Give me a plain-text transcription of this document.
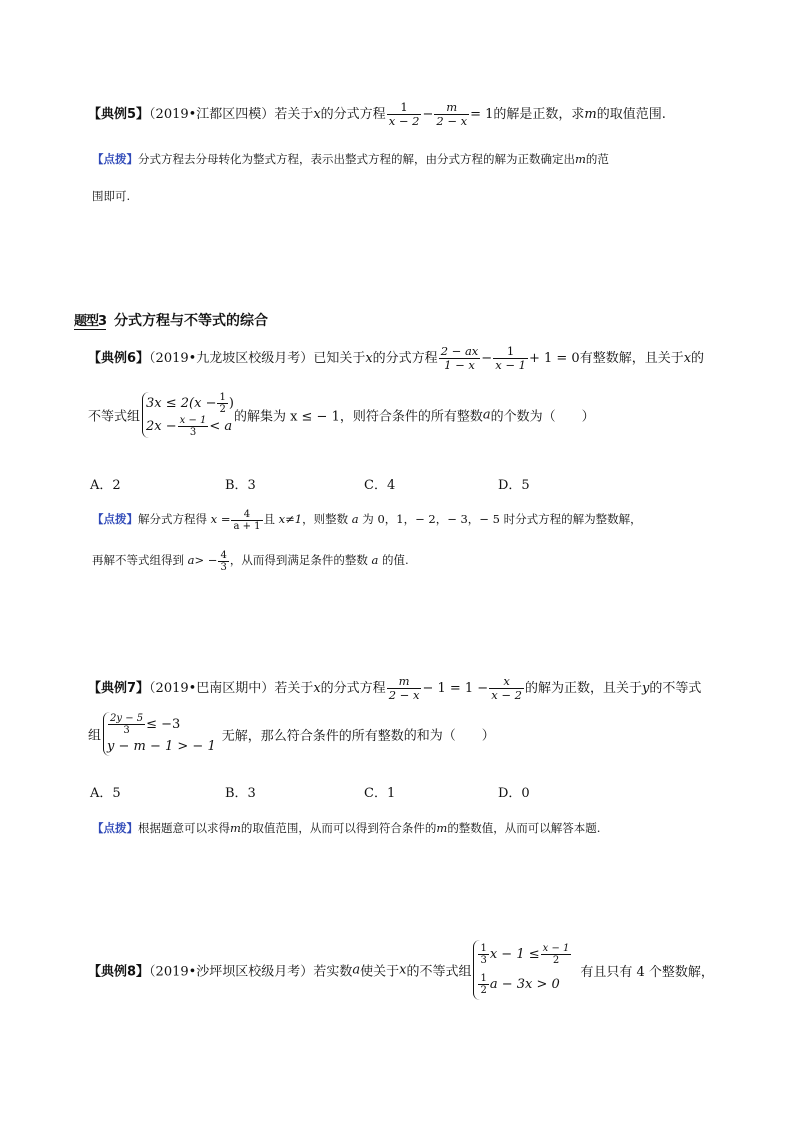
【典例5】（2019•江都区四模）若关于x的分式方程 $\frac{1}{x - 2} - \frac{m}{2 - x} = 1$的解是正数，求m的取值范围.
【点拨】分式方程去分母转化为整式方程，表示出整式方程的解，由分式方程的解为正数确定出m的范
围即可.
题型3 分式方程与不等式的综合
【典例6】（2019•九龙坡区校级月考）已知关于x的分式方程 $\frac{2 - ax}{1 - x} - \frac{1}{x - 1} + 1 = 0$有整数解，且关于x的
不等式组
$3x \le 2(x - \frac{1}{2}$ )
$2x - \frac{x - 1}{3} < a$
的解集为 x ≤ − 1，则符合条件的所有整数a的个数为（　　）
A．2	B．3	C．4	D．5
【点拨】解分式方程得 $x = \frac{4}{a + 1}$ 且 x≠1，则整数 a 为 0，1，− 2，− 3，− 5 时分式方程的解为整数解，
再解不等式组得到 $a> - \frac{4}{3}$ ，从而得到满足条件的整数 a 的值.
【典例7】（2019•巴南区期中）若关于x的分式方程 $\frac{m}{2 - x} - 1 = 1 - \frac{x}{x - 2}$ 的解为正数，且关于y的不等式
组 $\frac{2y - 5}{3} \le -3$
y − m − 1 > − 1
无解，那么符合条件的所有整数的和为（　　）
A．5	B．3	C．1	D．0
【点拨】根据题意可以求得m的取值范围，从而可以得到符合条件的m的整数值，从而可以解答本题.
【典例8】（2019•沙坪坝区校级月考）若实数a使关于x的不等式组
$\frac{1}{3}$ $x - 1 \le \frac{x - 1}{2}$
$\frac{1}{2}$ a − 3x > 0
有且只有 4 个整数解，
